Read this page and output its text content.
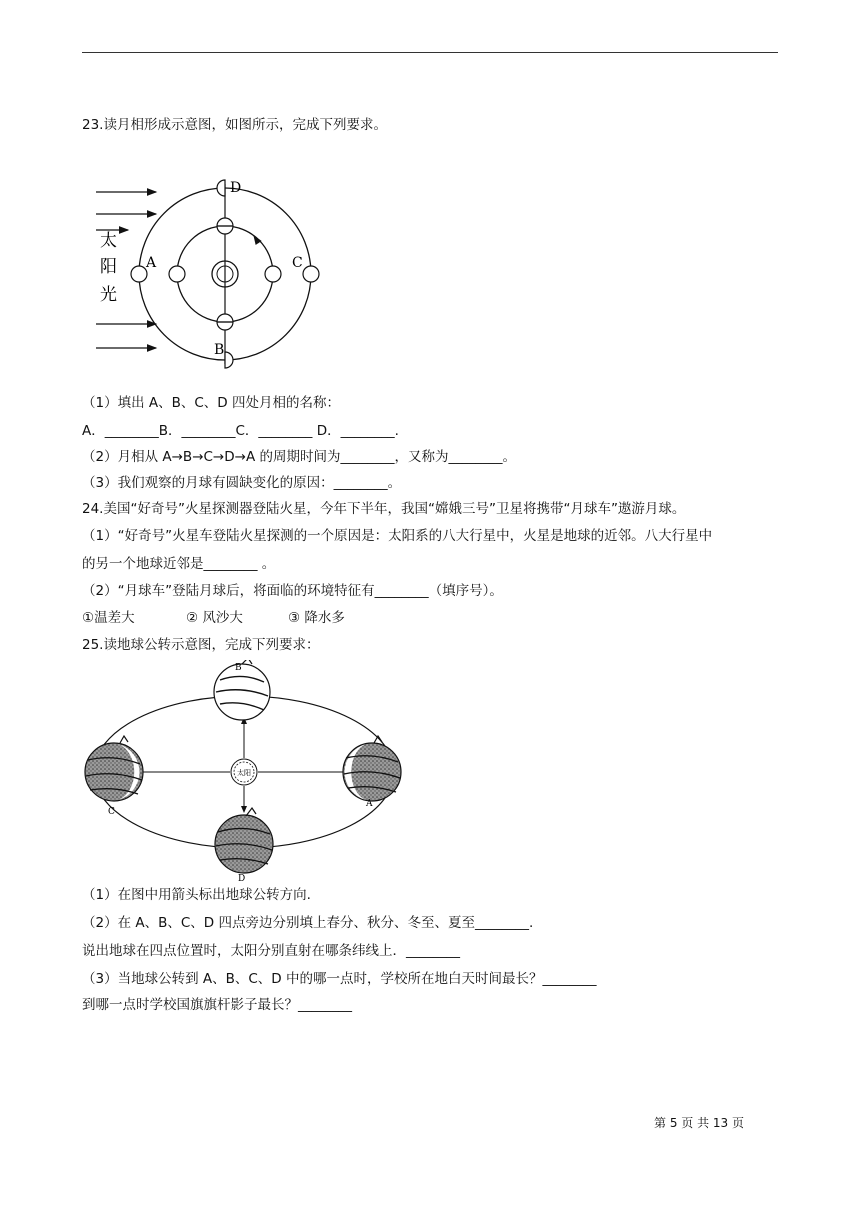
23.读月相形成示意图，如图所示，完成下列要求。
太
阳
光
D
B
A	C
（1）填出 A、B、C、D 四处月相的名称：
A．________B．________C．________ D．________.
（2）月相从 A→B→C→D→A 的周期时间为________，又称为________。
（3）我们观察的月球有圆缺变化的原因：________。
24.美国“好奇号”火星探测器登陆火星，今年下半年，我国“嫦娥三号”卫星将携带“月球车”遨游月球。
（1）“好奇号”火星车登陆火星探测的一个原因是：太阳系的八大行星中，火星是地球的近邻。八大行星中
的另一个地球近邻是________ 。
（2）“月球车”登陆月球后，将面临的环境特征有________（填序号）。
①温差大	② 风沙大	③ 降水多
25.读地球公转示意图，完成下列要求：
太阳
B
C
A
D
（1）在图中用箭头标出地球公转方向.
（2）在 A、B、C、D 四点旁边分别填上春分、秋分、冬至、夏至________.
说出地球在四点位置时，太阳分别直射在哪条纬线上．________
（3）当地球公转到 A、B、C、D 中的哪一点时，学校所在地白天时间最长？________
到哪一点时学校国旗旗杆影子最长？________
第 5 页 共 13 页
